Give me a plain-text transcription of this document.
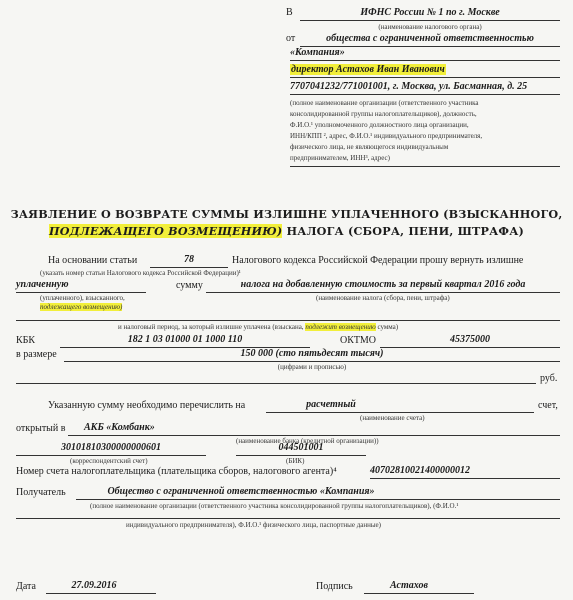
В	ИФНС России № 1 по г. Москве
(наименование налогового органа)
от	общества с ограниченной ответственностью
«Компания»
директор Астахов Иван Иванович
7707041232/771001001, г. Москва, ул. Басманная, д. 25
(полное наименование организации (ответственного участника
консолидированной группы налогоплательщиков), должность,
Ф.И.О.¹ уполномоченного должностного лица организации,
ИНН/КПП ², адрес, Ф.И.О.¹ индивидуального предпринимателя,
физического лица, не являющегося индивидуальным
предпринимателем, ИНН³, адрес)
ЗАЯВЛЕНИЕ О ВОЗВРАТЕ СУММЫ ИЗЛИШНЕ УПЛАЧЕННОГО (ВЗЫСКАННОГО,
ПОДЛЕЖАЩЕГО ВОЗМЕЩЕНИЮ) НАЛОГА (СБОРА, ПЕНИ, ШТРАФА)
На основании статьи	78	Налогового кодекса Российской Федерации прошу вернуть излишне
(указать номер статьи Налогового кодекса Российской Федерации)¹
уплаченную	сумму	налога на добавленную стоимость за первый квартал 2016 года
(уплаченного), взысканного,
подлежащего возмещению)
(наименование налога (сбора, пени, штрафа)
и налоговый период, за который излишне уплачена (взыскана, подлежит возмещению сумма)
КБК	182 1 03 01000 01 1000 110	ОКТМО	45375000
в размере	150 000 (сто пятьдесят тысяч)
(цифрами и прописью)
руб.
Указанную сумму необходимо перечислить на	расчетный	счет,
(наименование счета)
открытый в АКБ «Комбанк»
(наименование банка (кредитной организации))
30101810300000000601	044501001
(корреспондентский счет)	(БИК)
Номер счета налогоплательщика (плательщика сборов, налогового агента)⁴	40702810021400000012
Получатель	Общество с ограниченной ответственностью «Компания»
(полное наименование организации (ответственного участника консолидированной группы налогоплательщиков), (Ф.И.О.¹
индивидуального предпринимателя), Ф.И.О.¹ физического лица, паспортные данные)
Дата	27.09.2016	Подпись	Астахов
